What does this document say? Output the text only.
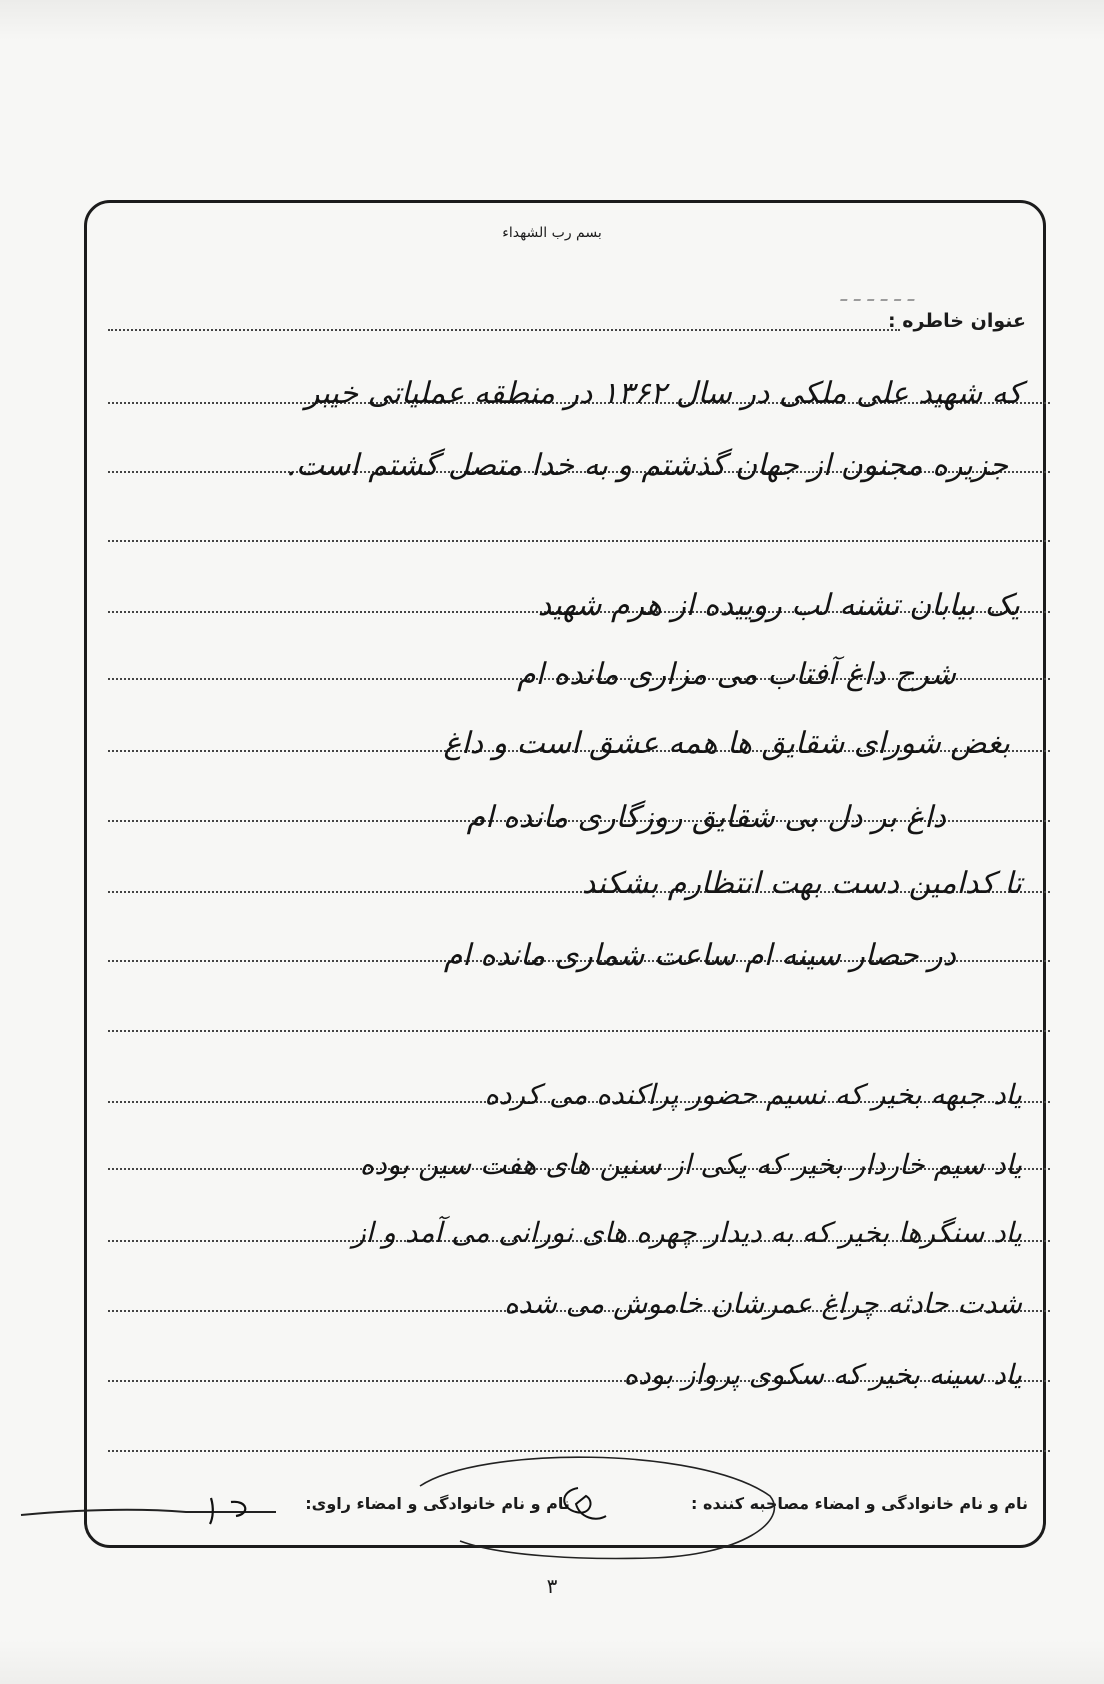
بسم رب الشهداء
عنوان خاطره :
ـ ـ ـ ـ ـ ـ
که شهید علی ملکی در سال ۱۳۶۲ در منطقه عملیاتی خیبر
جزیره مجنون از جهان گذشتم و به خدا متصل گشتم است.
یک بیابان تشنه لب روییده از هرم شهید
شرح داغ آفتاب می مزاری مانده ام
بغض شورای شقایق ها همه عشق است و داغ
داغ بر دل بی شقایق روزگاری مانده ام
تا کدامین دست بهت انتظارم بشکند
در حصار سینه ام ساعت شماری مانده ام
یاد جبهه بخیر که نسیم حضور پراکنده می کرده
یاد سیم خاردار بخیر که یکی از سنین های هفت سین بوده
یاد سنگرها بخیر که به دیدار چهره های نورانی می آمد و از
شدت حادثه چراغ عمرشان خاموش می شده
یاد سینه بخیر که سکوی پرواز بوده
نام و نام خانوادگی و امضاء مصاحبه کننده :  نام و نام خانوادگی و امضاء راوی:
۳
